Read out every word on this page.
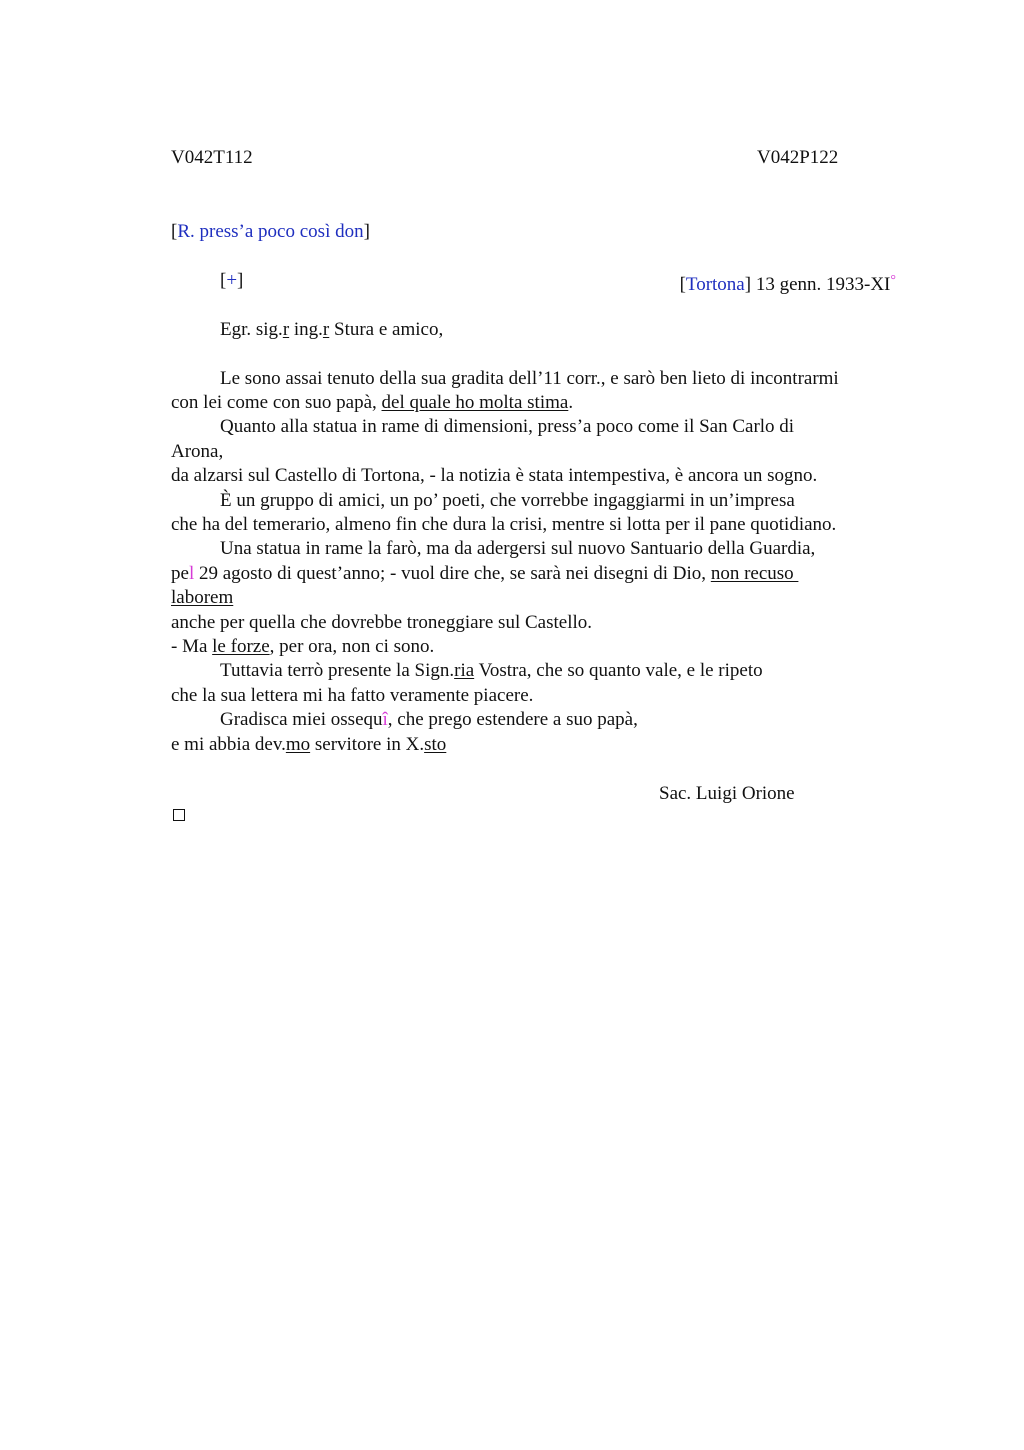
V042T112	V042P122
[R. press’a poco così don]
[+]	[Tortona] 13 genn. 1933-XI°
Egr. sig.r ing.r Stura e amico,
Le sono assai tenuto della sua gradita dell’11 corr., e sarò ben lieto di incontrarmi
con lei come con suo papà, del quale ho molta stima.
Quanto alla statua in rame di dimensioni, press’a poco come il San Carlo di
Arona,
da alzarsi sul Castello di Tortona, - la notizia è stata intempestiva, è ancora un sogno.
È un gruppo di amici, un po’ poeti, che vorrebbe ingaggiarmi in un’impresa
che ha del temerario, almeno fin che dura la crisi, mentre si lotta per il pane quotidiano.
Una statua in rame la farò, ma da adergersi sul nuovo Santuario della Guardia,
pel 29 agosto di quest’anno; - vuol dire che, se sarà nei disegni di Dio, non recuso
laborem
anche per quella che dovrebbe troneggiare sul Castello.
- Ma le forze, per ora, non ci sono.
Tuttavia terrò presente la Sign.ria Vostra, che so quanto vale, e le ripeto
che la sua lettera mi ha fatto veramente piacere.
Gradisca miei ossequî, che prego estendere a suo papà,
e mi abbia dev.mo servitore in X.sto
Sac. Luigi Orione
